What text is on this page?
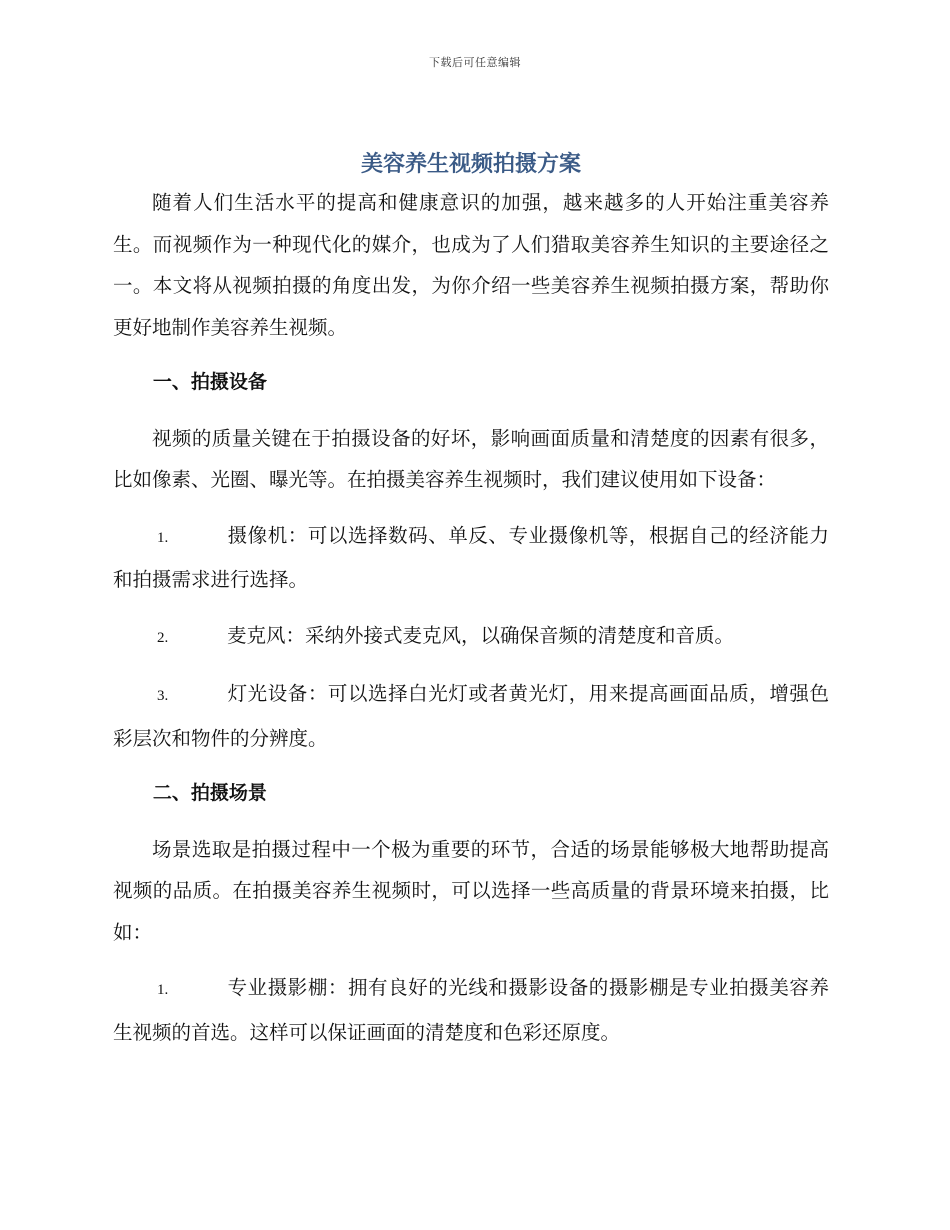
下载后可任意编辑
美容养生视频拍摄方案

随着人们生活水平的提高和健康意识的加强，越来越多的人开始注重美容养生。而视频作为一种现代化的媒介，也成为了人们猎取美容养生知识的主要途径之一。本文将从视频拍摄的角度出发，为你介绍一些美容养生视频拍摄方案，帮助你更好地制作美容养生视频。

一、拍摄设备

视频的质量关键在于拍摄设备的好坏，影响画面质量和清楚度的因素有很多，比如像素、光圈、曝光等。在拍摄美容养生视频时，我们建议使用如下设备：

1.	摄像机：可以选择数码、单反、专业摄像机等，根据自己的经济能力和拍摄需求进行选择。

2.	麦克风：采纳外接式麦克风，以确保音频的清楚度和音质。

3.	灯光设备：可以选择白光灯或者黄光灯，用来提高画面品质，增强色彩层次和物件的分辨度。

二、拍摄场景

场景选取是拍摄过程中一个极为重要的环节，合适的场景能够极大地帮助提高视频的品质。在拍摄美容养生视频时，可以选择一些高质量的背景环境来拍摄，比如：

1.	专业摄影棚：拥有良好的光线和摄影设备的摄影棚是专业拍摄美容养生视频的首选。这样可以保证画面的清楚度和色彩还原度。
